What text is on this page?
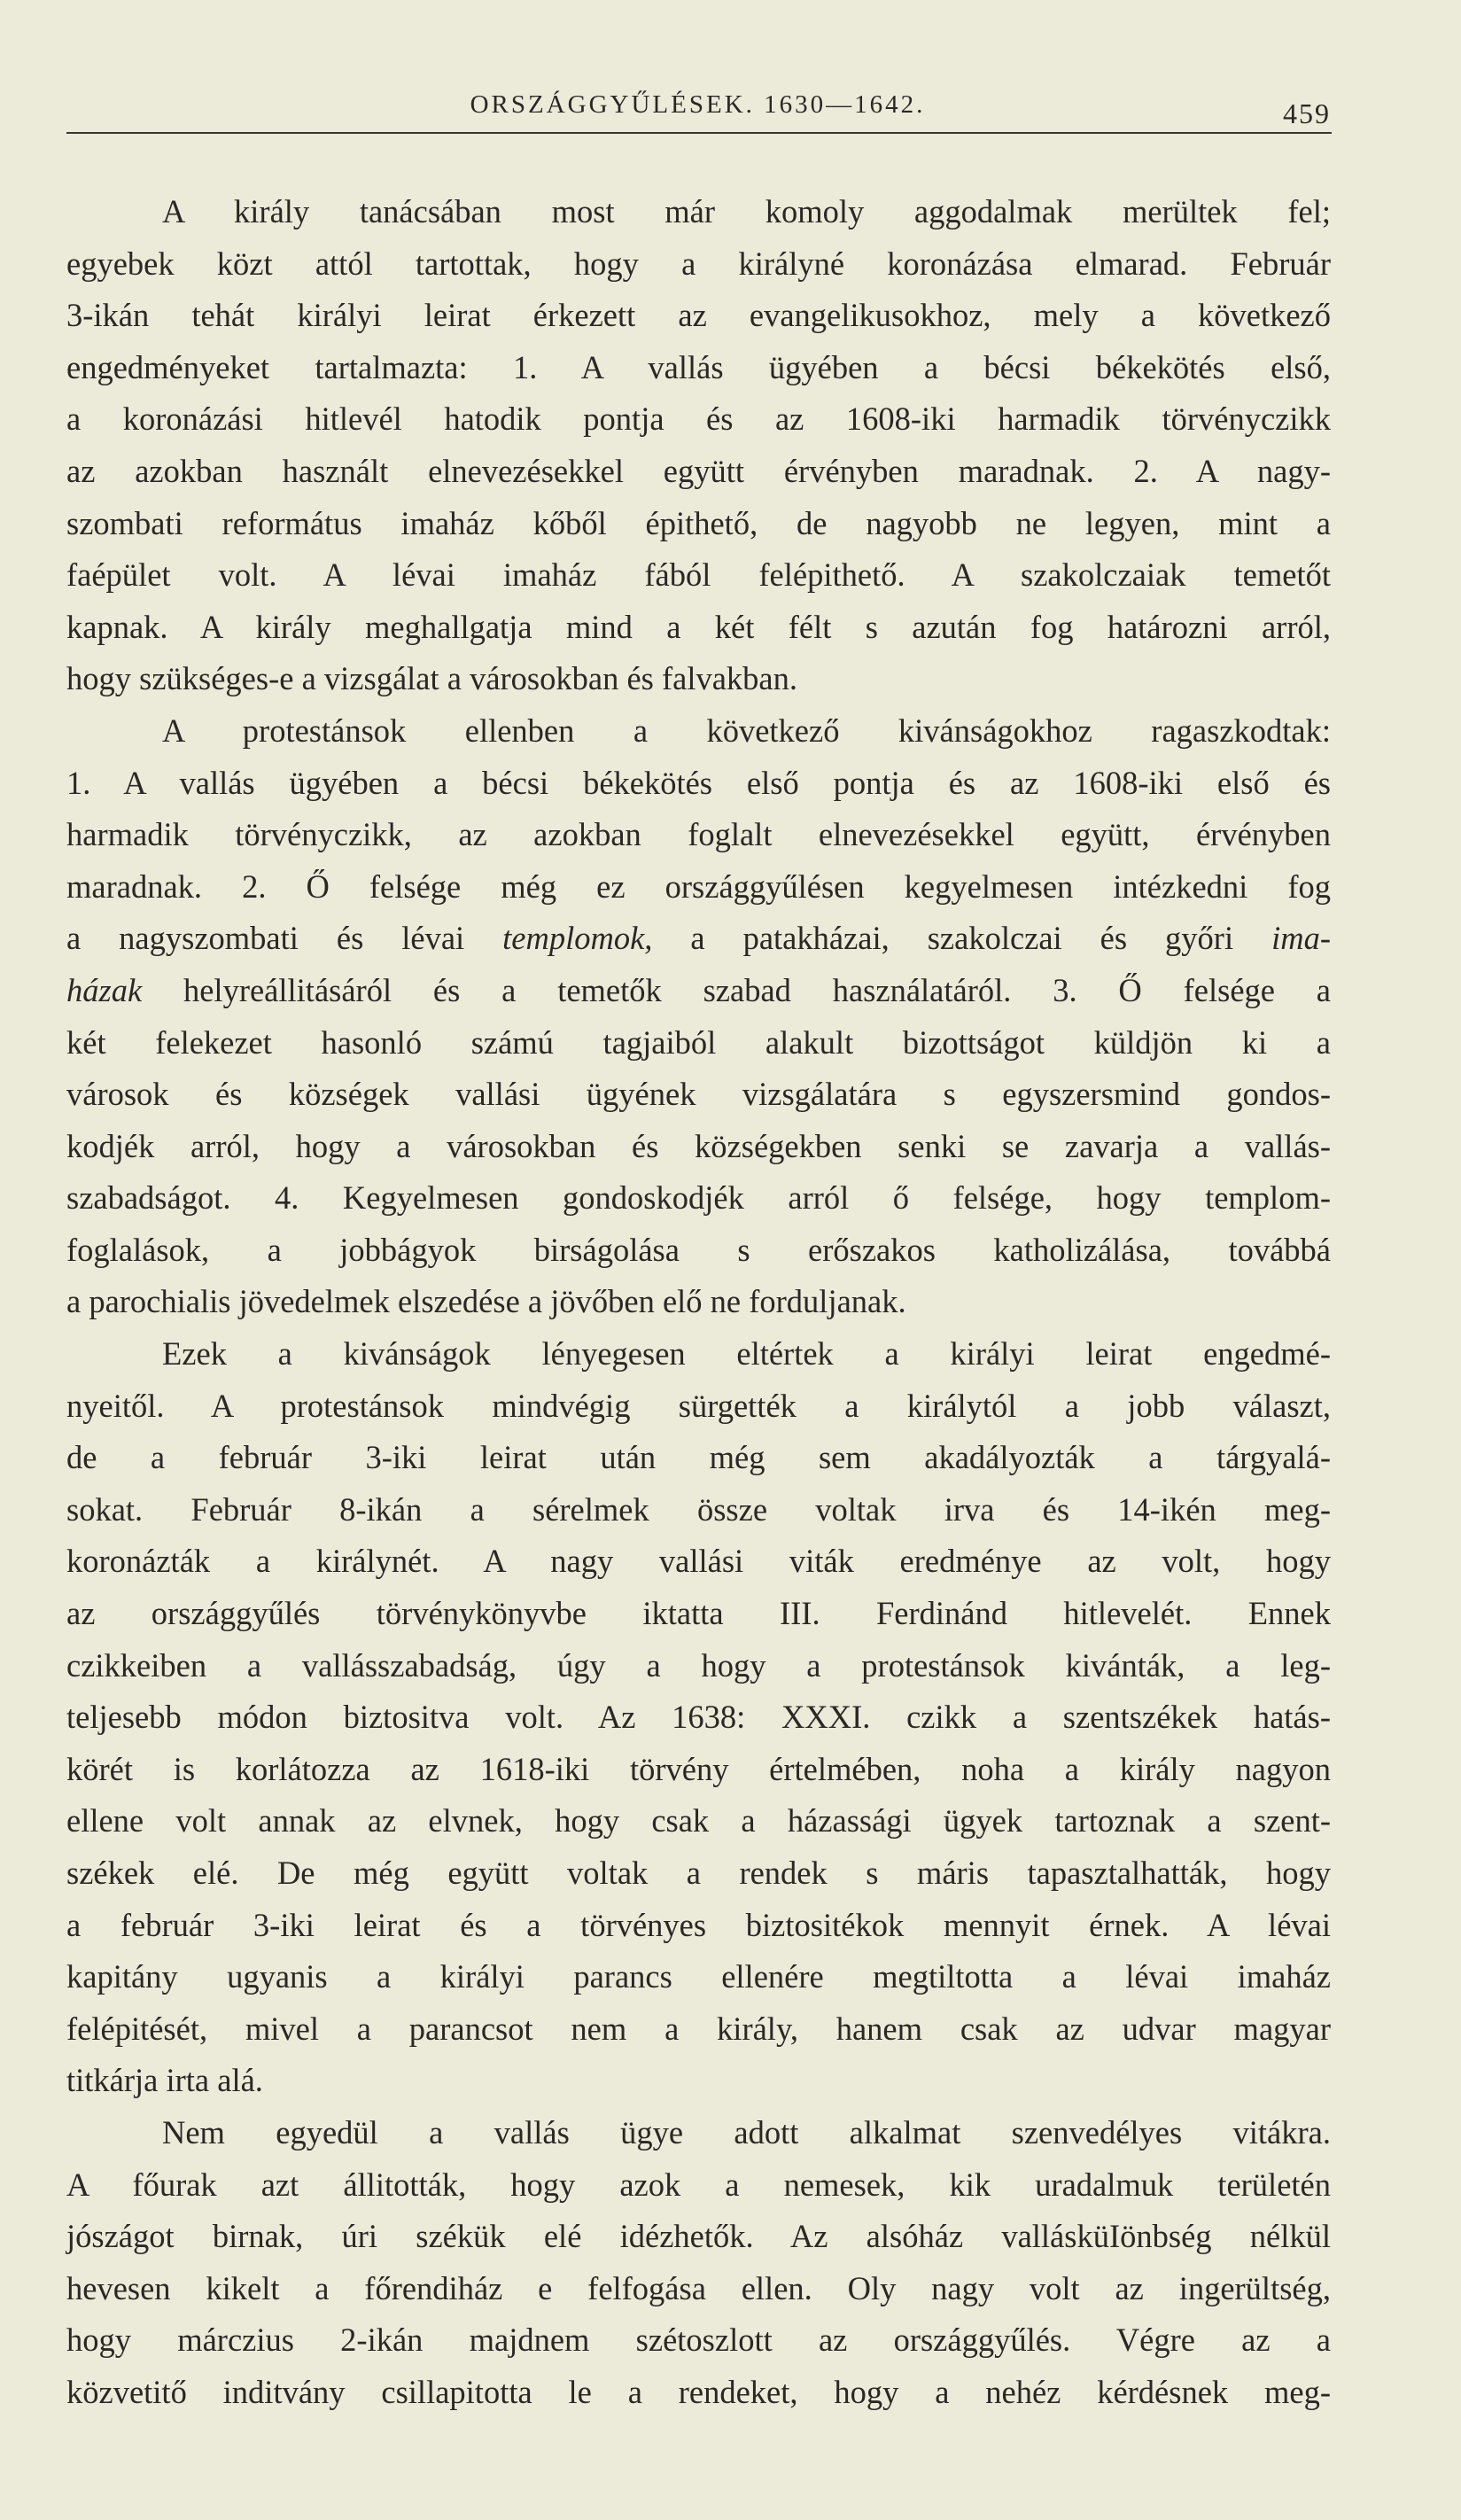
ORSZÁGGYŰLÉSEK. 1630—1642.	459
A király tanácsában most már komoly aggodalmak merültek fel;
egyebek közt attól tartottak, hogy a királyné koronázása elmarad. Február
3-ikán tehát királyi leirat érkezett az evangelikusokhoz, mely a következő
engedményeket tartalmazta: 1. A vallás ügyében a bécsi békekötés első,
a koronázási hitlevél hatodik pontja és az 1608-iki harmadik törvényczikk
az azokban használt elnevezésekkel együtt érvényben maradnak. 2. A nagy-
szombati református imaház kőből épithető, de nagyobb ne legyen, mint a
faépület volt. A lévai imaház fából felépithető. A szakolczaiak temetőt
kapnak. A király meghallgatja mind a két félt s azután fog határozni arról,
hogy szükséges-e a vizsgálat a városokban és falvakban.
A protestánsok ellenben a következő kivánságokhoz ragaszkodtak:
1. A vallás ügyében a bécsi békekötés első pontja és az 1608-iki első és
harmadik törvényczikk, az azokban foglalt elnevezésekkel együtt, érvényben
maradnak. 2. Ő felsége még ez országgyűlésen kegyelmesen intézkedni fog
a nagyszombati és lévai templomok, a patakházai, szakolczai és győri ima-
házak helyreállitásáról és a temetők szabad használatáról. 3. Ő felsége a
két felekezet hasonló számú tagjaiból alakult bizottságot küldjön ki a
városok és községek vallási ügyének vizsgálatára s egyszersmind gondos-
kodjék arról, hogy a városokban és községekben senki se zavarja a vallás-
szabadságot. 4. Kegyelmesen gondoskodjék arról ő felsége, hogy templom-
foglalások, a jobbágyok birságolása s erőszakos katholizálása, továbbá
a parochialis jövedelmek elszedése a jövőben elő ne forduljanak.
Ezek a kivánságok lényegesen eltértek a királyi leirat engedmé-
nyeitől. A protestánsok mindvégig sürgették a királytól a jobb választ,
de a február 3-iki leirat után még sem akadályozták a tárgyalá-
sokat. Február 8-ikán a sérelmek össze voltak irva és 14-ikén meg-
koronázták a királynét. A nagy vallási viták eredménye az volt, hogy
az országgyűlés törvénykönyvbe iktatta III. Ferdinánd hitlevelét. Ennek
czikkeiben a vallásszabadság, úgy a hogy a protestánsok kivánták, a leg-
teljesebb módon biztositva volt. Az 1638: XXXI. czikk a szentszékek hatás-
körét is korlátozza az 1618-iki törvény értelmében, noha a király nagyon
ellene volt annak az elvnek, hogy csak a házassági ügyek tartoznak a szent-
székek elé. De még együtt voltak a rendek s máris tapasztalhatták, hogy
a február 3-iki leirat és a törvényes biztositékok mennyit érnek. A lévai
kapitány ugyanis a királyi parancs ellenére megtiltotta a lévai imaház
felépitését, mivel a parancsot nem a király, hanem csak az udvar magyar
titkárja irta alá.
Nem egyedül a vallás ügye adott alkalmat szenvedélyes vitákra.
A főurak azt állitották, hogy azok a nemesek, kik uradalmuk területén
jószágot birnak, úri székük elé idézhetők. Az alsóház vallásküIönbség nélkül
hevesen kikelt a főrendiház e felfogása ellen. Oly nagy volt az ingerültség,
hogy márczius 2-ikán majdnem szétoszlott az országgyűlés. Végre az a
közvetitő inditvány csillapitotta le a rendeket, hogy a nehéz kérdésnek meg-
